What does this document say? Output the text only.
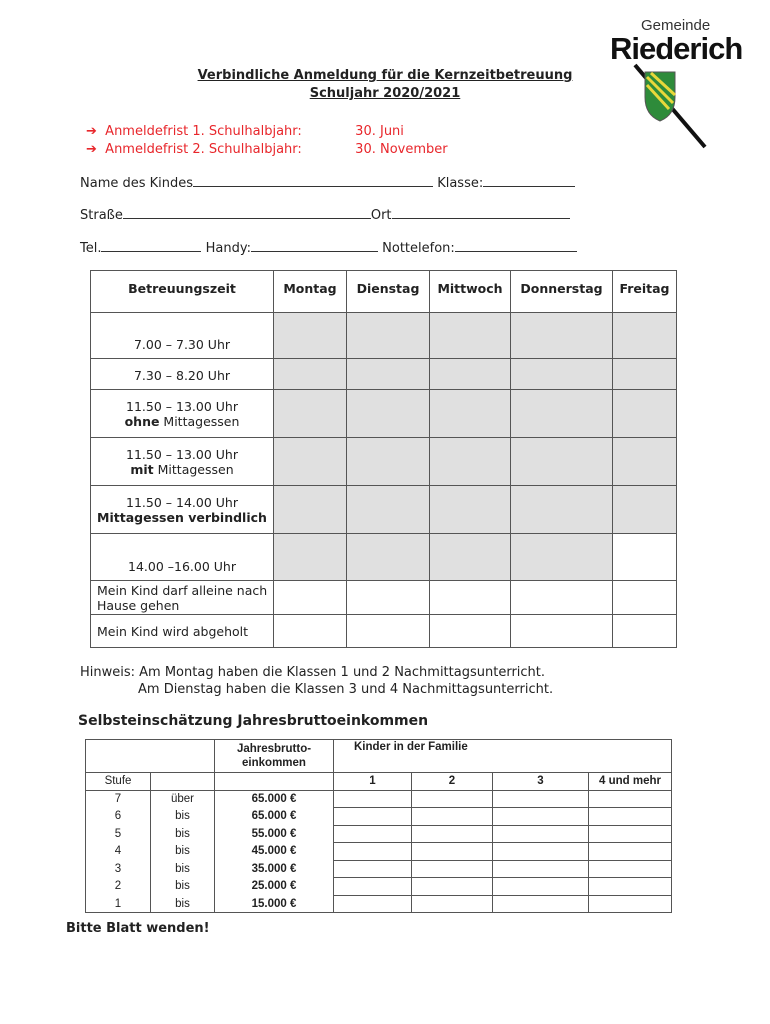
Gemeinde
Riederich
Verbindliche Anmeldung für die Kernzeitbetreuung
Schuljahr 2020/2021
➔ Anmeldefrist 1. Schulhalbjahr:	30. Juni
➔ Anmeldefrist 2. Schulhalbjahr:	30. November
Name des Kindes	Klasse:
Straße	Ort
Tel.	Handy:	Nottelefon:
Betreuungszeit	Montag	Dienstag	Mittwoch	Donnerstag	Freitag

7.00 – 7.30 Uhr					

7.30 – 8.20 Uhr					

11.50 – 13.00 Uhr
ohne Mittagessen					

11.50 – 13.00 Uhr
mit Mittagessen					

11.50 – 14.00 Uhr
Mittagessen verbindlich					

14.00 –16.00 Uhr					

Mein Kind darf alleine nach Hause gehen					
Mein Kind wird abgeholt					
Hinweis: Am Montag haben die Klassen 1 und 2 Nachmittagsunterricht.
Am Dienstag haben die Klassen 3 und 4 Nachmittagsunterricht.
Selbsteinschätzung Jahresbruttoeinkommen
		Jahresbrutto-einkommen	Kinder in der Familie			
Stufe			1	2	3	4 und mehr
7	über	65.000 €				
6	bis	65.000 €				
5	bis	55.000 €				
4	bis	45.000 €				
3	bis	35.000 €				
2	bis	25.000 €				
1	bis	15.000 €				
Bitte Blatt wenden!
